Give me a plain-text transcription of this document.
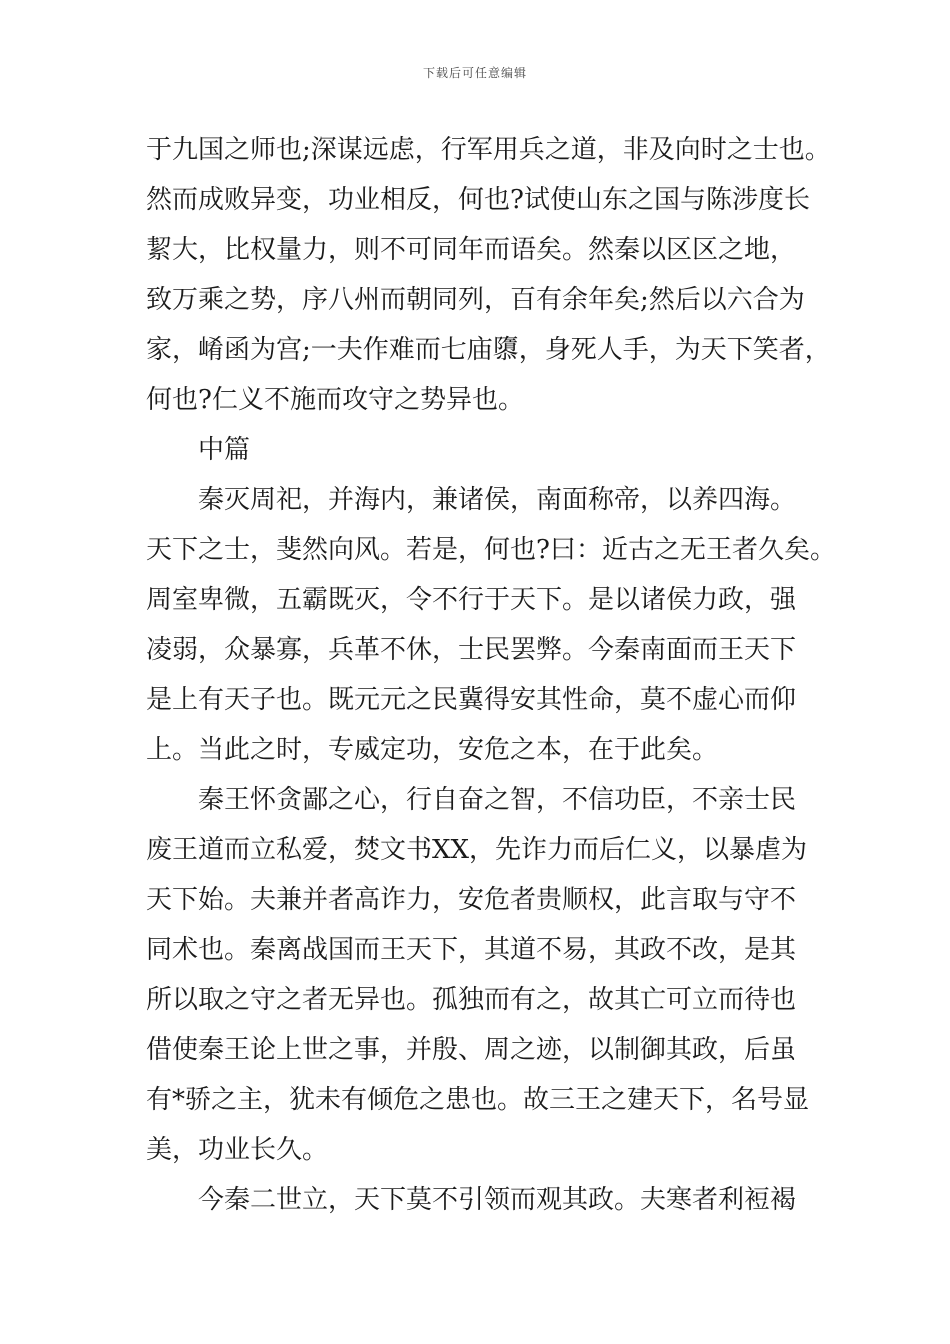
下载后可任意编辑
于九国之师也;深谋远虑，行军用兵之道，非及向时之士也。
然而成败异变，功业相反，何也?试使山东之国与陈涉度长
絜大，比权量力，则不可同年而语矣。然秦以区区之地，
致万乘之势，序八州而朝同列，百有余年矣;然后以六合为
家，崤函为宫;一夫作难而七庙隳，身死人手，为天下笑者，
何也?仁义不施而攻守之势异也。
中篇
秦灭周祀，并海内，兼诸侯，南面称帝，以养四海。
天下之士，斐然向风。若是，何也?曰：近古之无王者久矣。
周室卑微，五霸既灭，令不行于天下。是以诸侯力政，强
凌弱，众暴寡，兵革不休，士民罢弊。今秦南面而王天下
是上有天子也。既元元之民冀得安其性命，莫不虚心而仰
上。当此之时，专威定功，安危之本，在于此矣。
秦王怀贪鄙之心，行自奋之智，不信功臣，不亲士民
废王道而立私爱，焚文书XX，先诈力而后仁义，以暴虐为
天下始。夫兼并者高诈力，安危者贵顺权，此言取与守不
同术也。秦离战国而王天下，其道不易，其政不改，是其
所以取之守之者无异也。孤独而有之，故其亡可立而待也
借使秦王论上世之事，并殷、周之迹，以制御其政，后虽
有*骄之主，犹未有倾危之患也。故三王之建天下，名号显
美，功业长久。
今秦二世立，天下莫不引领而观其政。夫寒者利裋褐
